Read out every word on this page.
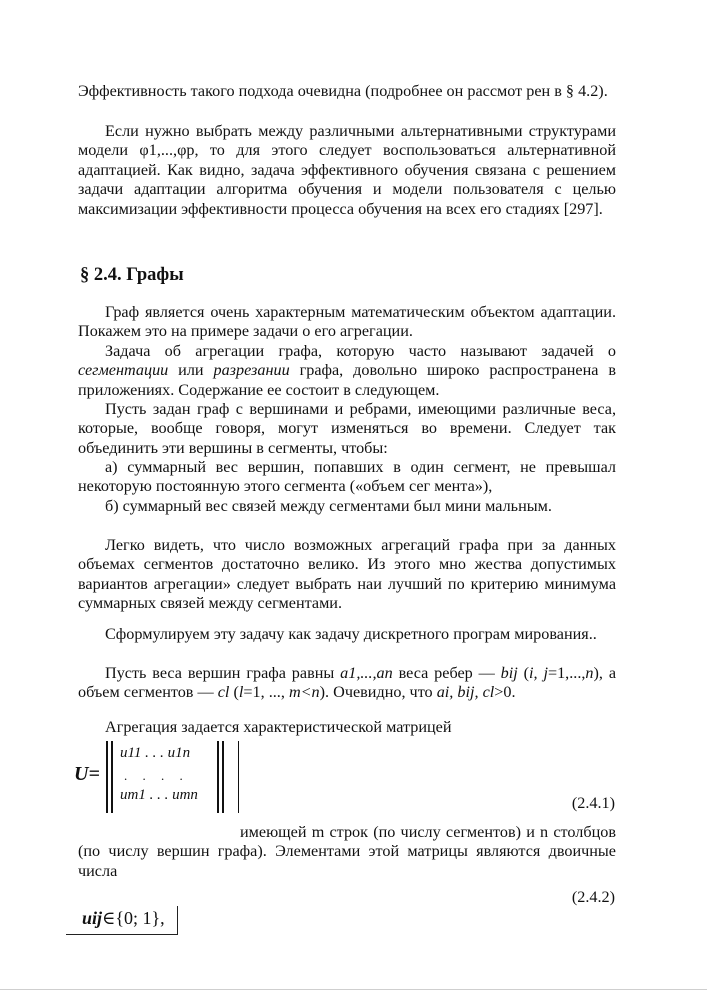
Эффективность такого подхода очевидна (подробнее он рассмот рен в § 4.2).

Если нужно выбрать между различными альтернативными структурами модели φ1,...,φp, то для этого следует воспользоваться альтернативной адаптацией. Как видно, задача эффективного обучения связана с решением задачи адаптации алгоритма обучения и модели пользователя с целью максимизации эффективности процесса обучения на всех его стадиях [297].

§ 2.4. Графы

Граф является очень характерным математическим объектом адаптации. Покажем это на примере задачи о его агрегации.

Задача об агрегации графа, которую часто называют задачей о сегментации или разрезании графа, довольно широко распространена в приложениях. Содержание ее состоит в следующем.

Пусть задан граф с вершинами и ребрами, имеющими различные веса, которые, вообще говоря, могут изменяться во времени. Следует так объединить эти вершины в сегменты, чтобы:

а) суммарный вес вершин, попавших в один сегмент, не превышал некоторую постоянную этого сегмента («объем сег мента»),

б) суммарный вес связей между сегментами был мини мальным.

Легко видеть, что число возможных агрегаций графа при за данных объемах сегментов достаточно велико. Из этого мно жества допустимых вариантов агрегации» следует выбрать наи лучший по критерию минимума суммарных связей между сегментами.

Сформулируем эту задачу как задачу дискретного програм мирования..

Пусть веса вершин графа равны a1,...,an веса ребер — bij (i, j=1,...,n), а объем сегментов — cl (l=1, ..., m<n). Очевидно, что ai, bij, cl>0.

Агрегация задается характеристической матрицей

U=
u11 . . . u1n
. . . .
um1 . . . umn	(2.4.1)

имеющей m строк (по числу сегментов) и n столбцов (по числу вершин графа). Элементами этой матрицы являются двоичные числа

(2.4.2)
uij∈{0; 1},
